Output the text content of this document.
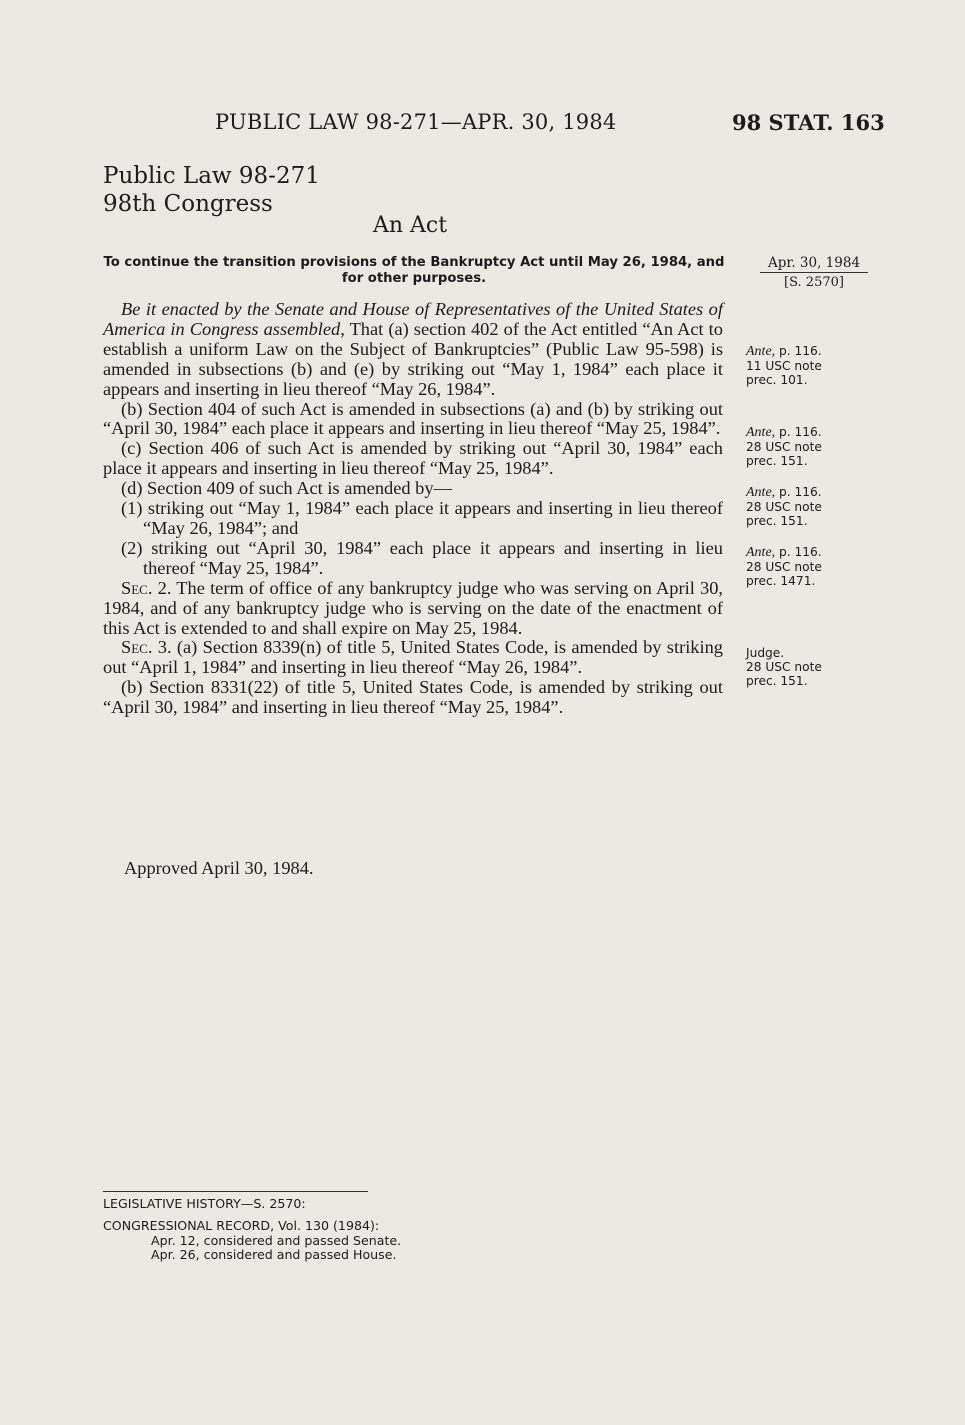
PUBLIC LAW 98-271—APR. 30, 1984	98 STAT. 163
Public Law 98-271
98th Congress
An Act
To continue the transition provisions of the Bankruptcy Act until May 26, 1984, and for other purposes.
Apr. 30, 1984
[S. 2570]

Be it enacted by the Senate and House of Representatives of the United States of America in Congress assembled, That (a) section 402 of the Act entitled “An Act to establish a uniform Law on the Subject of Bankruptcies” (Public Law 95-598) is amended in subsections (b) and (e) by striking out “May 1, 1984” each place it appears and inserting in lieu thereof “May 26, 1984”.

(b) Section 404 of such Act is amended in subsections (a) and (b) by striking out “April 30, 1984” each place it appears and inserting in lieu thereof “May 25, 1984”.

(c) Section 406 of such Act is amended by striking out “April 30, 1984” each place it appears and inserting in lieu thereof “May 25, 1984”.

(d) Section 409 of such Act is amended by—

(1) striking out “May 1, 1984” each place it appears and inserting in lieu thereof “May 26, 1984”; and

(2) striking out “April 30, 1984” each place it appears and inserting in lieu thereof “May 25, 1984”.

Sec. 2. The term of office of any bankruptcy judge who was serving on April 30, 1984, and of any bankruptcy judge who is serving on the date of the enactment of this Act is extended to and shall expire on May 25, 1984.

Sec. 3. (a) Section 8339(n) of title 5, United States Code, is amended by striking out “April 1, 1984” and inserting in lieu thereof “May 26, 1984”.

(b) Section 8331(22) of title 5, United States Code, is amended by striking out “April 30, 1984” and inserting in lieu thereof “May 25, 1984”.

Ante, p. 116.
11 USC note
prec. 101.
Ante, p. 116.
28 USC note
prec. 151.
Ante, p. 116.
28 USC note
prec. 151.
Ante, p. 116.
28 USC note
prec. 1471.
Judge.
28 USC note
prec. 151.
Approved April 30, 1984.
LEGISLATIVE HISTORY—S. 2570:
CONGRESSIONAL RECORD, Vol. 130 (1984):
Apr. 12, considered and passed Senate.
Apr. 26, considered and passed House.
